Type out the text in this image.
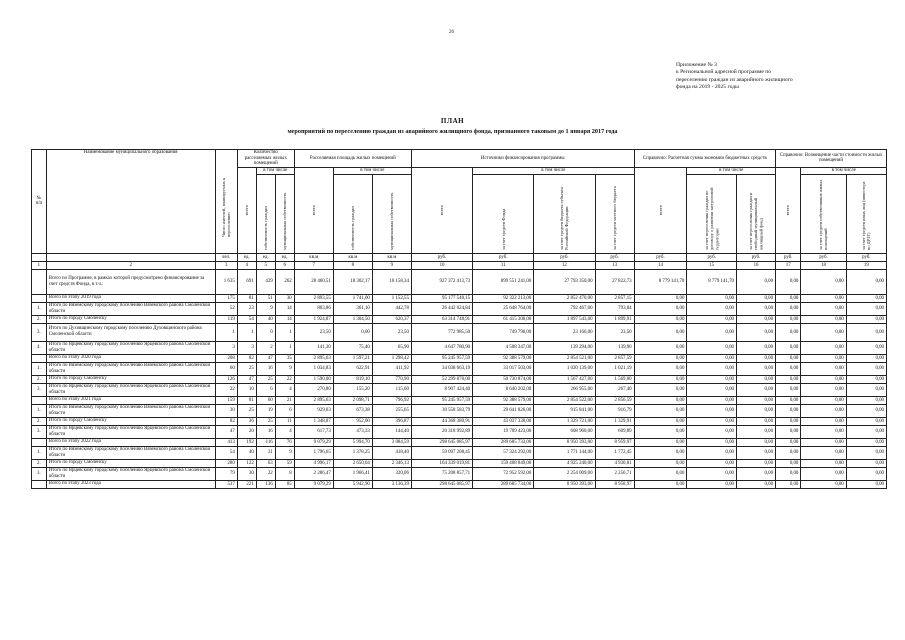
26
Приложение № 3
к Региональной адресной программе по
переселению граждан из аварийного жилищного
фонда на 2019 - 2025 годы
ПЛАН
мероприятий по переселению граждан из аварийного жилищного фонда, признанного таковым до 1 января 2017 года
№ п/п	Наименование муниципального образования	Число жителей, планируемых к переселению	Количество расселяемых жилых помещений			Расселяемая площадь жилых помещений			Источники финансирования программы				Справочно: Расчетная сумма экономии бюджетных средств			Справочно: Возмещение части стоимости жилых помещений		

			всего	в том числе		всего	в том числе		всего	в том числе			всего	в том числе		всего	в том числе	

				собственность граждан	муниципальная собственность		собственность граждан	муниципальная собственность		за счет средств Фонда	за счет средств бюджета субъекта Российской Федерации	за счет средств местного бюджета		за счет переселения граждан по договору о развитии застроенной территории	за счет переселения граждан в свободный муниципальный жилищный фонд		за счет средств собственников жилых помещений	за счет средств иных лиц (инвестора по ДРЗТ)

		чел.	ед.	ед.	ед.	кв.м	кв.м	кв.м	руб.	руб.	руб.	руб.	руб.	руб.	руб.	руб.	руб.	руб.
1	2	3	4	5	6	7	8	9	10	11	12	13	14	15	16	17	18	19
	Всего по Программе, в рамках которой предусмотрено финансирование за счет средств Фонда, в т.ч.:	1 635	691	429	262	28 460,51	18 302,17	10 158,34	927 372 413,73	899 551 241,00	27 793 350,00	27 822,73	8 779 141,70	8 779 141,70	0,00	0,00	0,00	0,00
	Всего по этапу 2019 года	175	81	51	30	2 893,55	1 741,00	1 152,55	95 177 540,15	92 322 213,00	2 852 470,00	2 857,15	0,00	0,00	0,00	0,00	0,00	0,00
1.	Итого по Вяземскому городскому поселению Вяземского района Смоленской области	52	23	9	14	803,86	361,10	442,78	26 442 024,84	25 648 764,00	792 467,00	793,84	0,00	0,00	0,00	0,00	0,00	0,00
2.	Итого по городу Смоленску	119	54	40	14	1 924,87	1 304,50	620,37	63 314 748,91	61 415 306,00	1 897 543,00	1 899,91	0,00	0,00	0,00	0,00	0,00	0,00
3.	Итого по Духовщинскому городскому поселению Духовщинского района Смоленской области	1	1	0	1	23,50	0,00	23,50	772 985,50	749 796,00	23 166,00	23,50	0,00	0,00	0,00	0,00	0,00	0,00
4.	Итого по Ярцевскому городскому поселению Ярцевского района Смоленской области	3	3	2	1	141,30	75,40	65,90	4 647 780,90	4 508 347,00	139 294,00	139,90	0,00	0,00	0,00	0,00	0,00	0,00
	Всего по этапу 2020 года	208	82	47	35	2 895,63	1 597,21	1 298,42	95 245 957,59	92 388 579,00	2 854 521,00	2 857,59	0,00	0,00	0,00	0,00	0,00	0,00
1.	Итого по Вяземскому городскому поселению Вяземского района Смоленской области	60	25	16	9	1 034,83	622,91	411,92	34 038 663,19	33 017 503,00	1 020 139,00	1 021,19	0,00	0,00	0,00	0,00	0,00	0,00
2.	Итого по городу Смоленску	126	47	25	22	1 590,00	819,10	770,90	52 299 870,00	50 730 874,00	1 567 427,00	1 569,00	0,00	0,00	0,00	0,00	0,00	0,00
3.	Итого по Ярцевскому городскому поселению Ярцевского района Смоленской области	22	10	6	4	270,80	155,20	115,60	8 907 424,40	8 640 202,00	266 955,00	267,40	0,00	0,00	0,00	0,00	0,00	0,00
	Всего по этапу 2021 года	159	81	60	21	2 895,63	2 098,71	796,92	95 245 957,59	92 388 579,00	2 854 522,00	2 856,59	0,00	0,00	0,00	0,00	0,00	0,00
1.	Итого по Вяземскому городскому поселению Вяземского района Смоленской области	30	25	19	6	929,03	673,38	255,65	30 558 583,79	29 641 826,00	915 841,00	916,79	0,00	0,00	0,00	0,00	0,00	0,00
2.	Итого по городу Смоленску	82	36	25	11	1 348,87	952,00	396,87	44 368 380,91	43 037 330,00	1 329 721,00	1 329,91	0,00	0,00	0,00	0,00	0,00	0,00
3.	Итого по Ярцевскому городскому поселению Ярцевского района Смоленской области	47	20	16	4	617,73	473,33	144,40	20 318 992,89	19 709 423,00	608 960,00	609,89	0,00	0,00	0,00	0,00	0,00	0,00
	Всего по этапу 2022 года	413	192	116	76	9 079,29	5 994,70	3 084,59	298 645 085,97	289 685 733,00	8 950 393,00	8 959,97	0,00	0,00	0,00	0,00	0,00	0,00
1.	Итого по Вяземскому городскому поселению Вяземского района Смоленской области	54	40	31	9	1 796,65	1 378,25	418,40	59 097 208,45	57 324 292,00	1 771 144,00	1 772,45	0,00	0,00	0,00	0,00	0,00	0,00
2.	Итого по городу Смоленску	280	122	63	59	4 996,17	2 650,04	2 346,13	164 339 019,81	159 408 849,00	4 925 240,00	4 930,81	0,00	0,00	0,00	0,00	0,00	0,00
3.	Итого по Ярцевскому городскому поселению Ярцевского района Смоленской области	79	30	22	8	2 286,47	1 966,41	320,06	75 208 857,71	72 952 592,00	2 254 009,00	2 256,71	0,00	0,00	0,00	0,00	0,00	0,00
	Всего по этапу 2023 года	537	221	136	85	9 079,29	5 942,90	3 136,39	298 645 085,97	289 685 734,00	8 950 393,00	8 958,97	0,00	0,00	0,00	0,00	0,00	0,00
